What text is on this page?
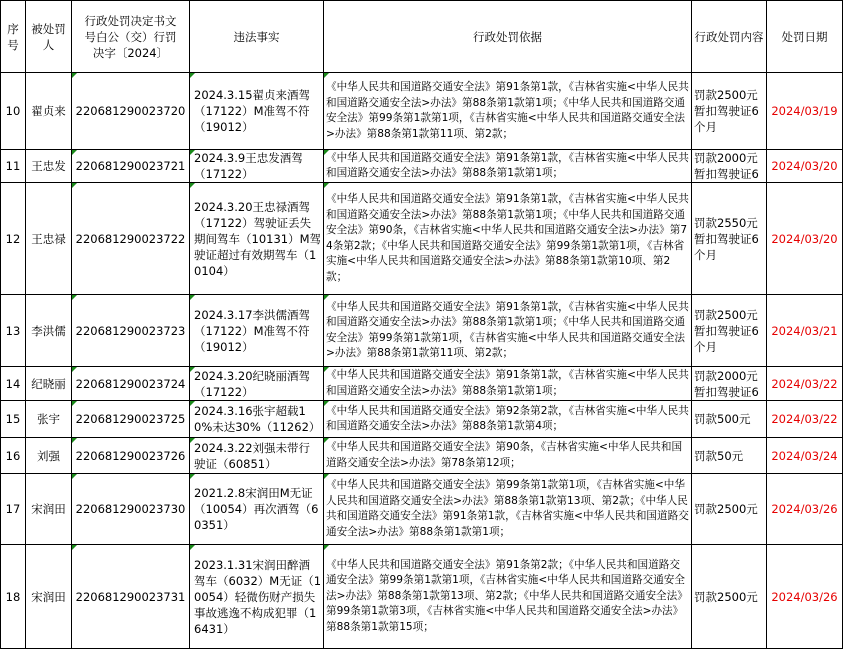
序号	被处罚人	行政处罚决定书文号白公（交）行罚决字〔2024〕	违法事实	行政处罚依据	行政处罚内容	处罚日期
10	翟贞来	220681290023720	2024.3.15翟贞来酒驾（17122）M准驾不符（19012）	《中华人民共和国道路交通安全法》第91条第1款，《吉林省实施<中华人民共和国道路交通安全法>办法》第88条第1款第1项；《中华人民共和国道路交通安全法》第99条第1款第1项，《吉林省实施<中华人民共和国道路交通安全法>办法》第88条第1款第11项、第2款；	罚款2500元暂扣驾驶证6个月	2024/03/19
11	王忠发	220681290023721	2024.3.9王忠发酒驾（17122）	《中华人民共和国道路交通安全法》第91条第1款，《吉林省实施<中华人民共和国道路交通安全法>办法》第88条第1款第1项；	罚款2000元暂扣驾驶证6	2024/03/20
12	王忠禄	220681290023722	2024.3.20王忠禄酒驾（17122）驾驶证丢失期间驾车（10131）M驾驶证超过有效期驾车（10104）	《中华人民共和国道路交通安全法》第91条第1款，《吉林省实施<中华人民共和国道路交通安全法>办法》第88条第1款第1项；《中华人民共和国道路交通安全法》第90条，《吉林省实施<中华人民共和国道路交通安全法>办法》第74条第2款；《中华人民共和国道路交通安全法》第99条第1款第1项，《吉林省实施<中华人民共和国道路交通安全法>办法》第88条第1款第10项、第2款；	罚款2550元暂扣驾驶证6个月	2024/03/20
13	李洪儒	220681290023723	2024.3.17李洪儒酒驾（17122）M准驾不符（19012）	《中华人民共和国道路交通安全法》第91条第1款，《吉林省实施<中华人民共和国道路交通安全法>办法》第88条第1款第1项；《中华人民共和国道路交通安全法》第99条第1款第1项，《吉林省实施<中华人民共和国道路交通安全法>办法》第88条第1款第11项、第2款；	罚款2500元暂扣驾驶证6个月	2024/03/21
14	纪晓丽	220681290023724	2024.3.20纪晓丽酒驾（17122）	《中华人民共和国道路交通安全法》第91条第1款，《吉林省实施<中华人民共和国道路交通安全法>办法》第88条第1款第1项；	罚款2000元暂扣驾驶证6	2024/03/22
15	张宇	220681290023725	2024.3.16张宇超载10%未达30%（11262）	《中华人民共和国道路交通安全法》第92条第2款，《吉林省实施<中华人民共和国道路交通安全法>办法》第88条第1款第4项；	罚款500元	2024/03/22
16	刘强	220681290023726	2024.3.22刘强未带行驶证（60851）	《中华人民共和国道路交通安全法》第90条，《吉林省实施<中华人民共和国道路交通安全法>办法》第78条第12项；	罚款50元	2024/03/24
17	宋润田	220681290023730	2021.2.8宋润田M无证（10054）再次酒驾（60351）	《中华人民共和国道路交通安全法》第99条第1款第1项，《吉林省实施<中华人民共和国道路交通安全法>办法》第88条第1款第13项、第2款；《中华人民共和国道路交通安全法》第91条第1款，《吉林省实施<中华人民共和国道路交通安全法>办法》第88条第1款第1项；	罚款2500元	2024/03/26
18	宋润田	220681290023731	2023.1.31宋润田醉酒驾车（6032）M无证（10054）轻微伤财产损失事故逃逸不构成犯罪（16431）	《中华人民共和国道路交通安全法》第91条第2款；《中华人民共和国道路交通安全法》第99条第1款第1项，《吉林省实施<中华人民共和国道路交通安全法>办法》第88条第1款第13项、第2款；《中华人民共和国道路交通安全法》第99条第1款第3项，《吉林省实施<中华人民共和国道路交通安全法>办法》第88条第1款第15项；	罚款2500元	2024/03/26
